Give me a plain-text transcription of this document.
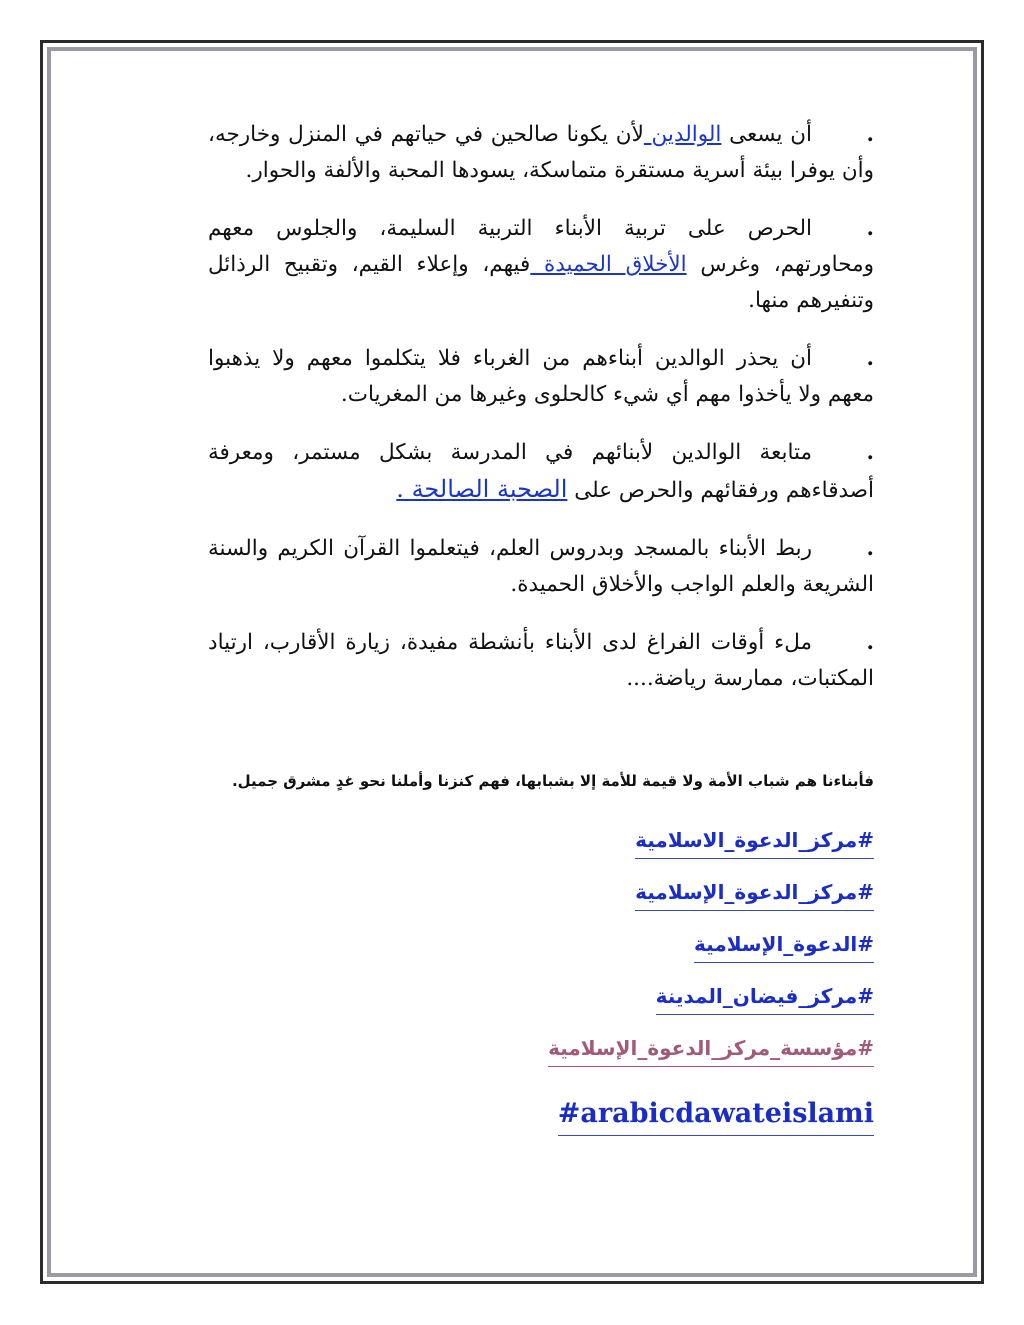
.أن يسعى الوالدين لأن يكونا صالحين في حياتهم في المنزل وخارجه، وأن يوفرا بيئة أسرية مستقرة متماسكة، يسودها المحبة والألفة والحوار.
.الحرص على تربية الأبناء التربية السليمة، والجلوس معهم ومحاورتهم، وغرس الأخلاق الحميدة فيهم، وإعلاء القيم، وتقبيح الرذائل وتنفيرهم منها.
.أن يحذر الوالدين أبناءهم من الغرباء فلا يتكلموا معهم ولا يذهبوا معهم ولا يأخذوا مهم أي شيء كالحلوى وغيرها من المغريات.
.متابعة الوالدين لأبنائهم في المدرسة بشكل مستمر، ومعرفة أصدقاءهم ورفقائهم والحرص على الصحبة الصالحة .
.ربط الأبناء بالمسجد وبدروس العلم، فيتعلموا القرآن الكريم والسنة الشريعة والعلم الواجب والأخلاق الحميدة.
.ملء أوقات الفراغ لدى الأبناء بأنشطة مفيدة، زيارة الأقارب، ارتياد المكتبات، ممارسة رياضة....
فأبناءنا هم شباب الأمة ولا قيمة للأمة إلا بشبابها، فهم كنزنا وأملنا نحو غدٍ مشرق جميل.
#مركز_الدعوة_الاسلامية
#مركز_الدعوة_الإسلامية
#الدعوة_الإسلامية
#مركز_فيضان_المدينة
#مؤسسة_مركز_الدعوة_الإسلامية
#arabicdawateislami
